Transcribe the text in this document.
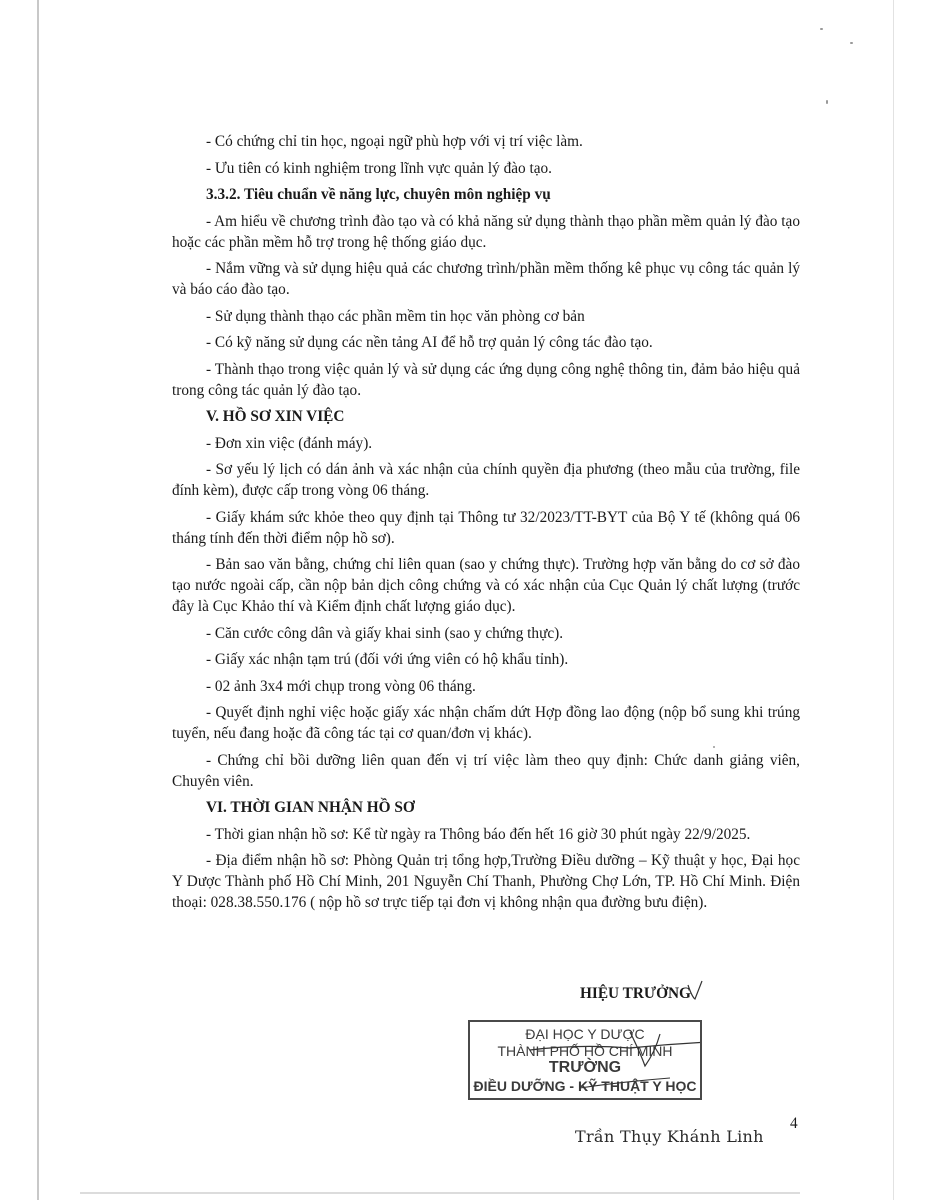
- Có chứng chỉ tin học, ngoại ngữ phù hợp với vị trí việc làm.

- Ưu tiên có kinh nghiệm trong lĩnh vực quản lý đào tạo.

3.3.2. Tiêu chuẩn về năng lực, chuyên môn nghiệp vụ

- Am hiểu về chương trình đào tạo và có khả năng sử dụng thành thạo phần mềm quản lý đào tạo hoặc các phần mềm hỗ trợ trong hệ thống giáo dục.

- Nắm vững và sử dụng hiệu quả các chương trình/phần mềm thống kê phục vụ công tác quản lý và báo cáo đào tạo.

- Sử dụng thành thạo các phần mềm tin học văn phòng cơ bản

- Có kỹ năng sử dụng các nền tảng AI để hỗ trợ quản lý công tác đào tạo.

- Thành thạo trong việc quản lý và sử dụng các ứng dụng công nghệ thông tin, đảm bảo hiệu quả trong công tác quản lý đào tạo.

V. HỒ SƠ XIN VIỆC

- Đơn xin việc (đánh máy).

- Sơ yếu lý lịch có dán ảnh và xác nhận của chính quyền địa phương (theo mẫu của trường, file đính kèm), được cấp trong vòng 06 tháng.

- Giấy khám sức khỏe theo quy định tại Thông tư 32/2023/TT-BYT của Bộ Y tế (không quá 06 tháng tính đến thời điểm nộp hồ sơ).

- Bản sao văn bằng, chứng chỉ liên quan (sao y chứng thực). Trường hợp văn bằng do cơ sở đào tạo nước ngoài cấp, cần nộp bản dịch công chứng và có xác nhận của Cục Quản lý chất lượng (trước đây là Cục Khảo thí và Kiểm định chất lượng giáo dục).

- Căn cước công dân và giấy khai sinh (sao y chứng thực).

- Giấy xác nhận tạm trú (đối với ứng viên có hộ khẩu tỉnh).

- 02 ảnh 3x4 mới chụp trong vòng 06 tháng.

- Quyết định nghỉ việc hoặc giấy xác nhận chấm dứt Hợp đồng lao động (nộp bổ sung khi trúng tuyển, nếu đang hoặc đã công tác tại cơ quan/đơn vị khác).

- Chứng chỉ bồi dưỡng liên quan đến vị trí việc làm theo quy định: Chức danh giảng viên, Chuyên viên.

VI. THỜI GIAN NHẬN HỒ SƠ

- Thời gian nhận hồ sơ: Kể từ ngày ra Thông báo đến hết 16 giờ 30 phút ngày 22/9/2025.

- Địa điểm nhận hồ sơ: Phòng Quản trị tổng hợp,Trường Điều dưỡng – Kỹ thuật y học, Đại học Y Dược Thành phố Hồ Chí Minh, 201 Nguyễn Chí Thanh, Phường Chợ Lớn, TP. Hồ Chí Minh. Điện thoại: 028.38.550.176 ( nộp hồ sơ trực tiếp tại đơn vị không nhận qua đường bưu điện).

HIỆU TRƯỞNG
ĐẠI HỌC Y DƯỢC
THÀNH PHỐ HỒ CHÍ MINH
TRƯỜNG
ĐIỀU DƯỠNG - KỸ THUẬT Y HỌC
Trần Thụy Khánh Linh
4
